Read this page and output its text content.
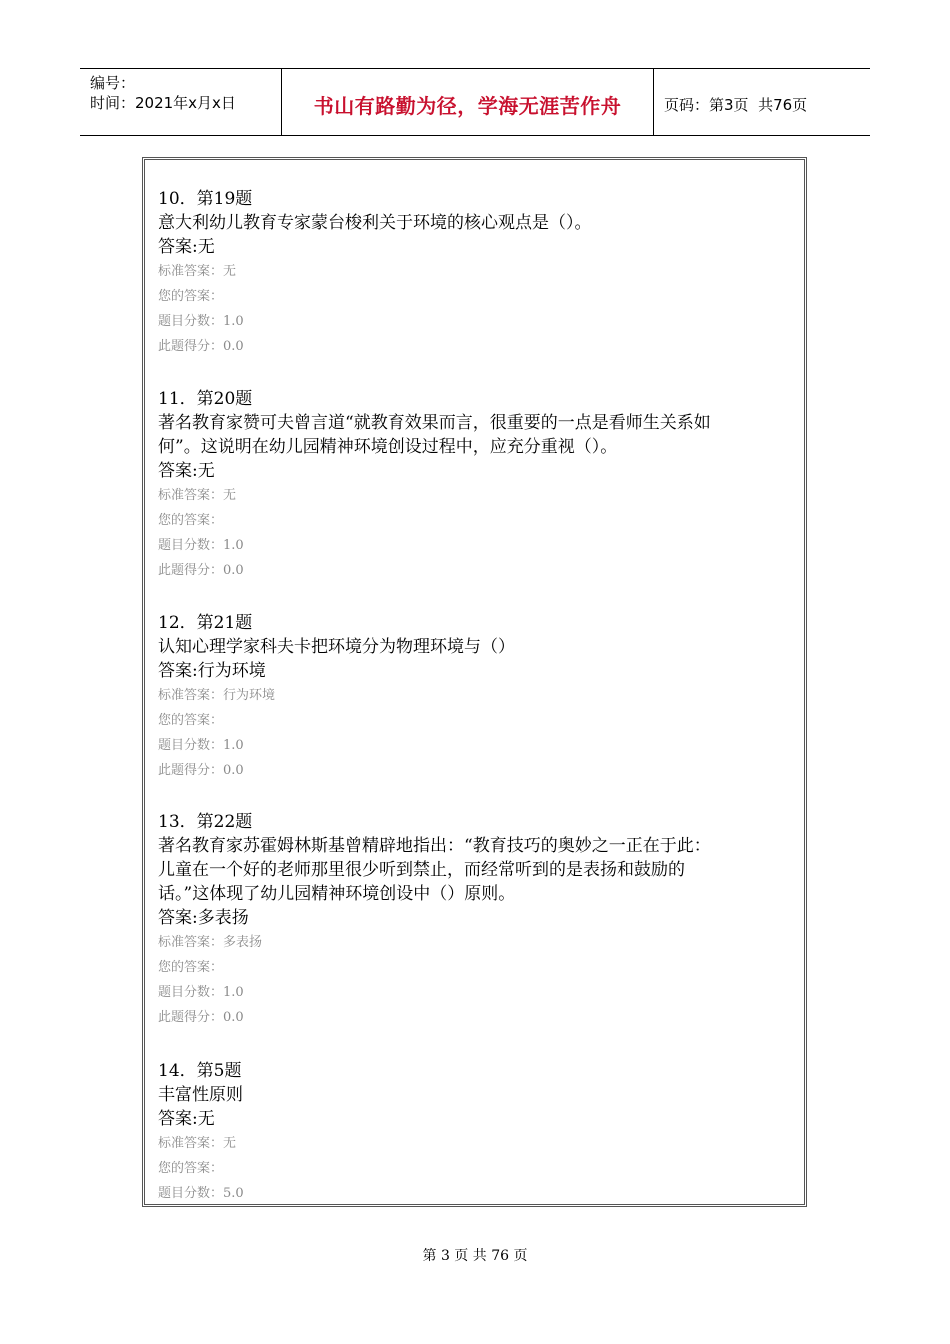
编号：
时间：2021年x月x日	书山有路勤为径，学海无涯苦作舟	页码：第3页  共76页
10．第19题
意大利幼儿教育专家蒙台梭利关于环境的核心观点是（）。
答案:无
标准答案：无
您的答案：
题目分数：1.0
此题得分：0.0
11．第20题
著名教育家赞可夫曾言道“就教育效果而言，很重要的一点是看师生关系如
何”。这说明在幼儿园精神环境创设过程中，应充分重视（）。
答案:无
标准答案：无
您的答案：
题目分数：1.0
此题得分：0.0
12．第21题
认知心理学家科夫卡把环境分为物理环境与（）
答案:行为环境
标准答案：行为环境
您的答案：
题目分数：1.0
此题得分：0.0
13．第22题
著名教育家苏霍姆林斯基曾精辟地指出：“教育技巧的奥妙之一正在于此：
儿童在一个好的老师那里很少听到禁止，而经常听到的是表扬和鼓励的
话。”这体现了幼儿园精神环境创设中（）原则。
答案:多表扬
标准答案：多表扬
您的答案：
题目分数：1.0
此题得分：0.0
14．第5题
丰富性原则
答案:无
标准答案：无
您的答案：
题目分数：5.0
第 3 页 共 76 页
